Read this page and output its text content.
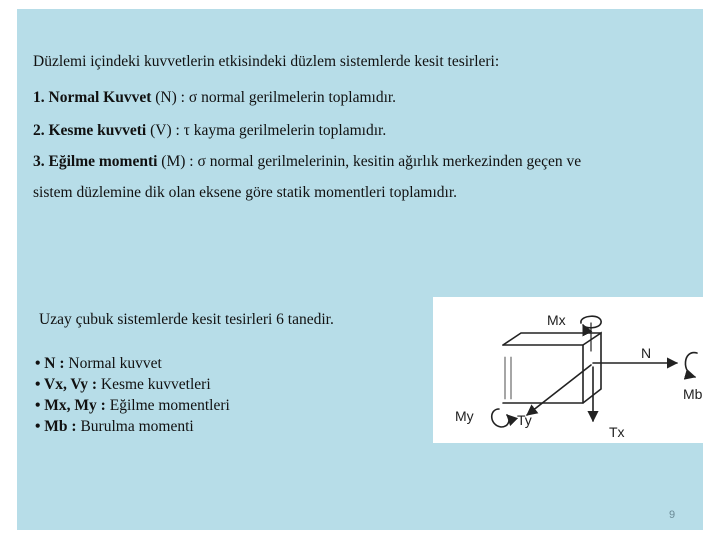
Düzlemi içindeki kuvvetlerin etkisindeki düzlem sistemlerde kesit tesirleri:

1. Normal Kuvvet (N) : σ normal gerilmelerin toplamıdır.

2. Kesme kuvveti (V) : τ kayma gerilmelerin toplamıdır.

3. Eğilme momenti (M) : σ normal gerilmelerinin, kesitin ağırlık merkezinden geçen ve

sistem düzlemine dik olan eksene göre statik momentleri toplamıdır.

Uzay çubuk sistemlerde kesit tesirleri 6 tanedir.

• N : Normal kuvvet
• Vx, Vy : Kesme kuvvetleri
• Mx, My : Eğilme momentleri
• Mb : Burulma momenti
Mx
N
Mb
My	Ty
Tx
9
